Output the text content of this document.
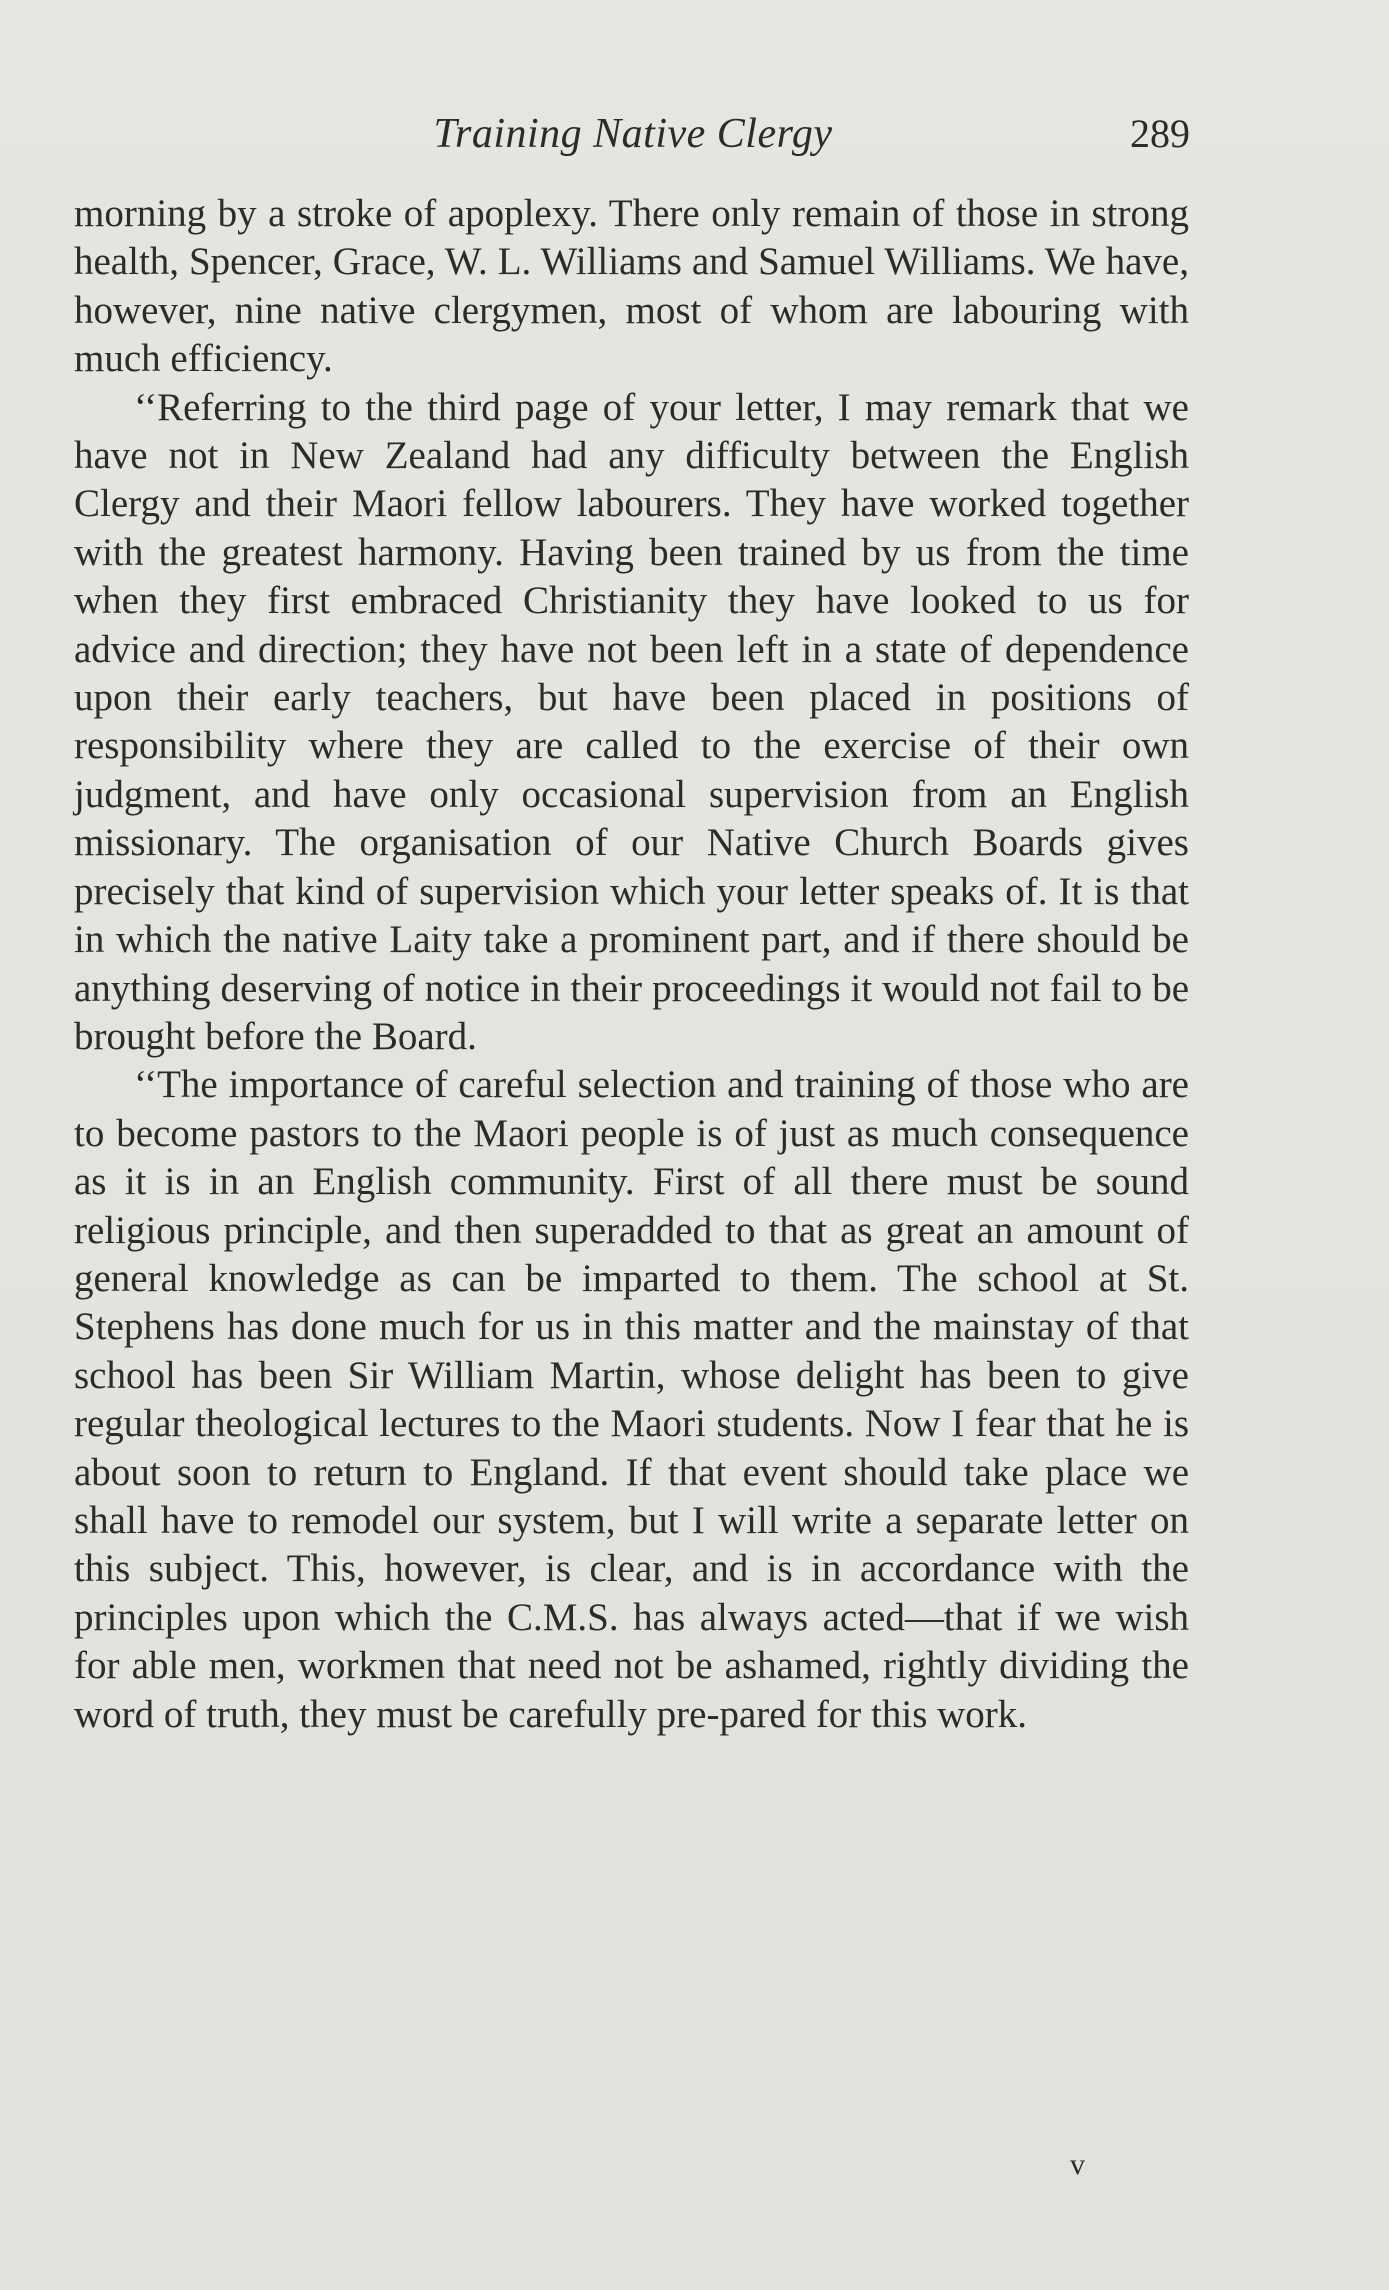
Training Native Clergy	289

morning by a stroke of apoplexy. There only remain of those in strong health, Spencer, Grace, W. L. Williams and Samuel Williams. We have, however, nine native clergymen, most of whom are labouring with much efficiency.

‘‘Referring to the third page of your letter, I may remark that we have not in New Zealand had any difficulty between the English Clergy and their Maori fellow labourers. They have worked together with the greatest harmony. Having been trained by us from the time when they first embraced Christianity they have looked to us for advice and direction; they have not been left in a state of dependence upon their early teachers, but have been placed in positions of responsibility where they are called to the exercise of their own judgment, and have only occasional supervision from an English missionary. The organisation of our Native Church Boards gives precisely that kind of supervision which your letter speaks of. It is that in which the native Laity take a prominent part, and if there should be anything deserving of notice in their proceedings it would not fail to be brought before the Board.

‘‘The importance of careful selection and training of those who are to become pastors to the Maori people is of just as much consequence as it is in an English community. First of all there must be sound religious principle, and then superadded to that as great an amount of general knowledge as can be imparted to them. The school at St. Stephens has done much for us in this matter and the mainstay of that school has been Sir William Martin, whose delight has been to give regular theological lectures to the Maori students. Now I fear that he is about soon to return to England. If that event should take place we shall have to remodel our system, but I will write a separate letter on this subject. This, however, is clear, and is in accordance with the principles upon which the C.M.S. has always acted—that if we wish for able men, workmen that need not be ashamed, rightly dividing the word of truth, they must be carefully pre-pared for this work.

v
